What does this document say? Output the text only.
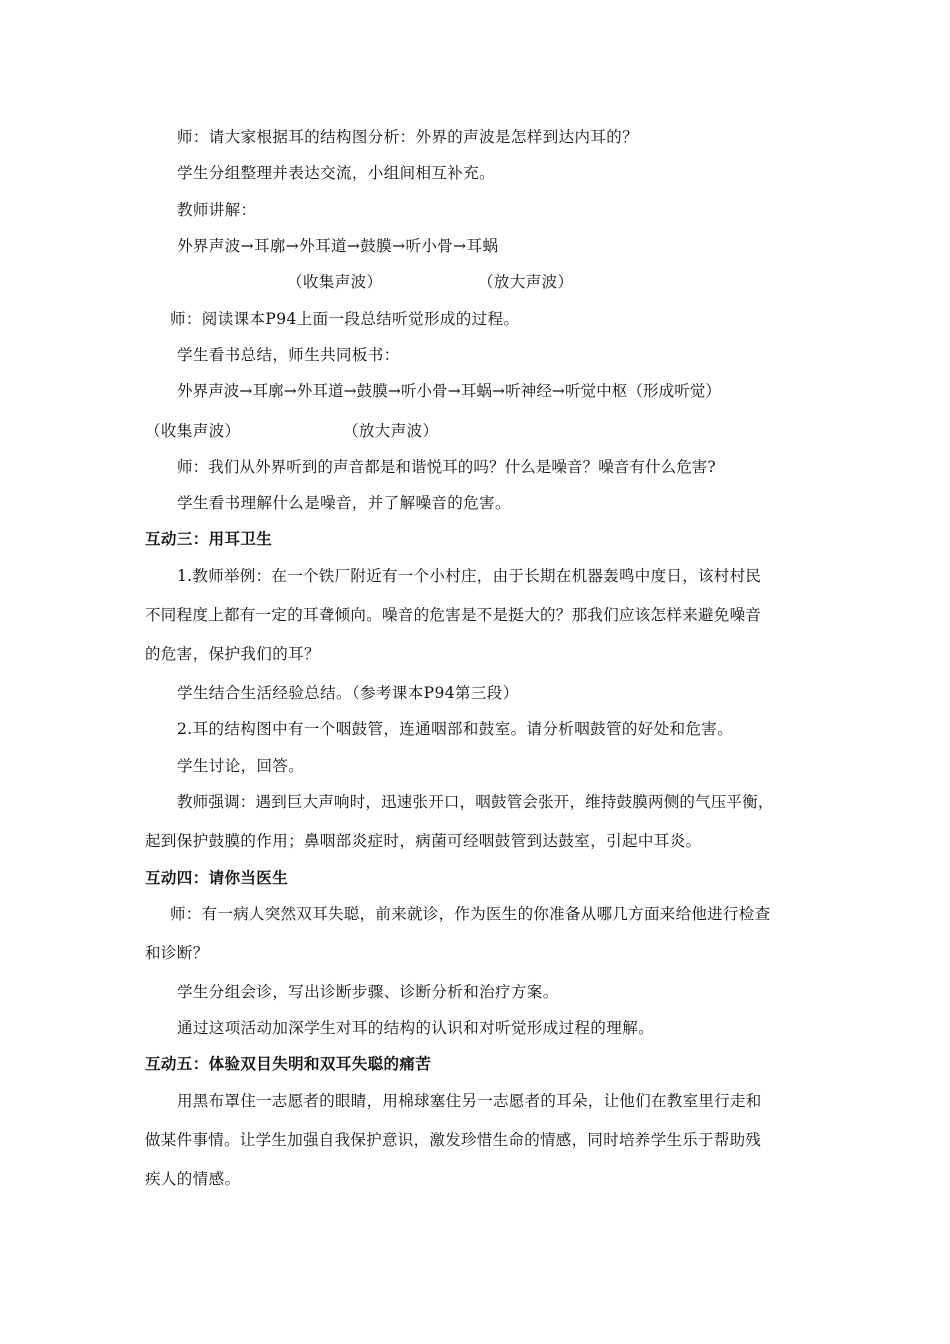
师：请大家根据耳的结构图分析：外界的声波是怎样到达内耳的？
学生分组整理并表达交流，小组间相互补充。
教师讲解：
外界声波→耳廓→外耳道→鼓膜→听小骨→耳蜗
（收集声波）	（放大声波）
师：阅读课本P94上面一段总结听觉形成的过程。
学生看书总结，师生共同板书：
外界声波→耳廓→外耳道→鼓膜→听小骨→耳蜗→听神经→听觉中枢（形成听觉）
（收集声波）	（放大声波）
师：我们从外界听到的声音都是和谐悦耳的吗？什么是噪音？噪音有什么危害?
学生看书理解什么是噪音，并了解噪音的危害。
互动三：用耳卫生
1.教师举例：在一个铁厂附近有一个小村庄，由于长期在机器轰鸣中度日，该村村民
不同程度上都有一定的耳聋倾向。噪音的危害是不是挺大的？那我们应该怎样来避免噪音
的危害，保护我们的耳？
学生结合生活经验总结。（参考课本P94第三段）
2.耳的结构图中有一个咽鼓管，连通咽部和鼓室。请分析咽鼓管的好处和危害。
学生讨论，回答。
教师强调：遇到巨大声响时，迅速张开口，咽鼓管会张开，维持鼓膜两侧的气压平衡，
起到保护鼓膜的作用；鼻咽部炎症时，病菌可经咽鼓管到达鼓室，引起中耳炎。
互动四：请你当医生
师：有一病人突然双耳失聪，前来就诊，作为医生的你准备从哪几方面来给他进行检查
和诊断？
学生分组会诊，写出诊断步骤、诊断分析和治疗方案。
通过这项活动加深学生对耳的结构的认识和对听觉形成过程的理解。
互动五：体验双目失明和双耳失聪的痛苦
用黑布罩住一志愿者的眼睛，用棉球塞住另一志愿者的耳朵，让他们在教室里行走和
做某件事情。让学生加强自我保护意识，激发珍惜生命的情感，同时培养学生乐于帮助残
疾人的情感。
